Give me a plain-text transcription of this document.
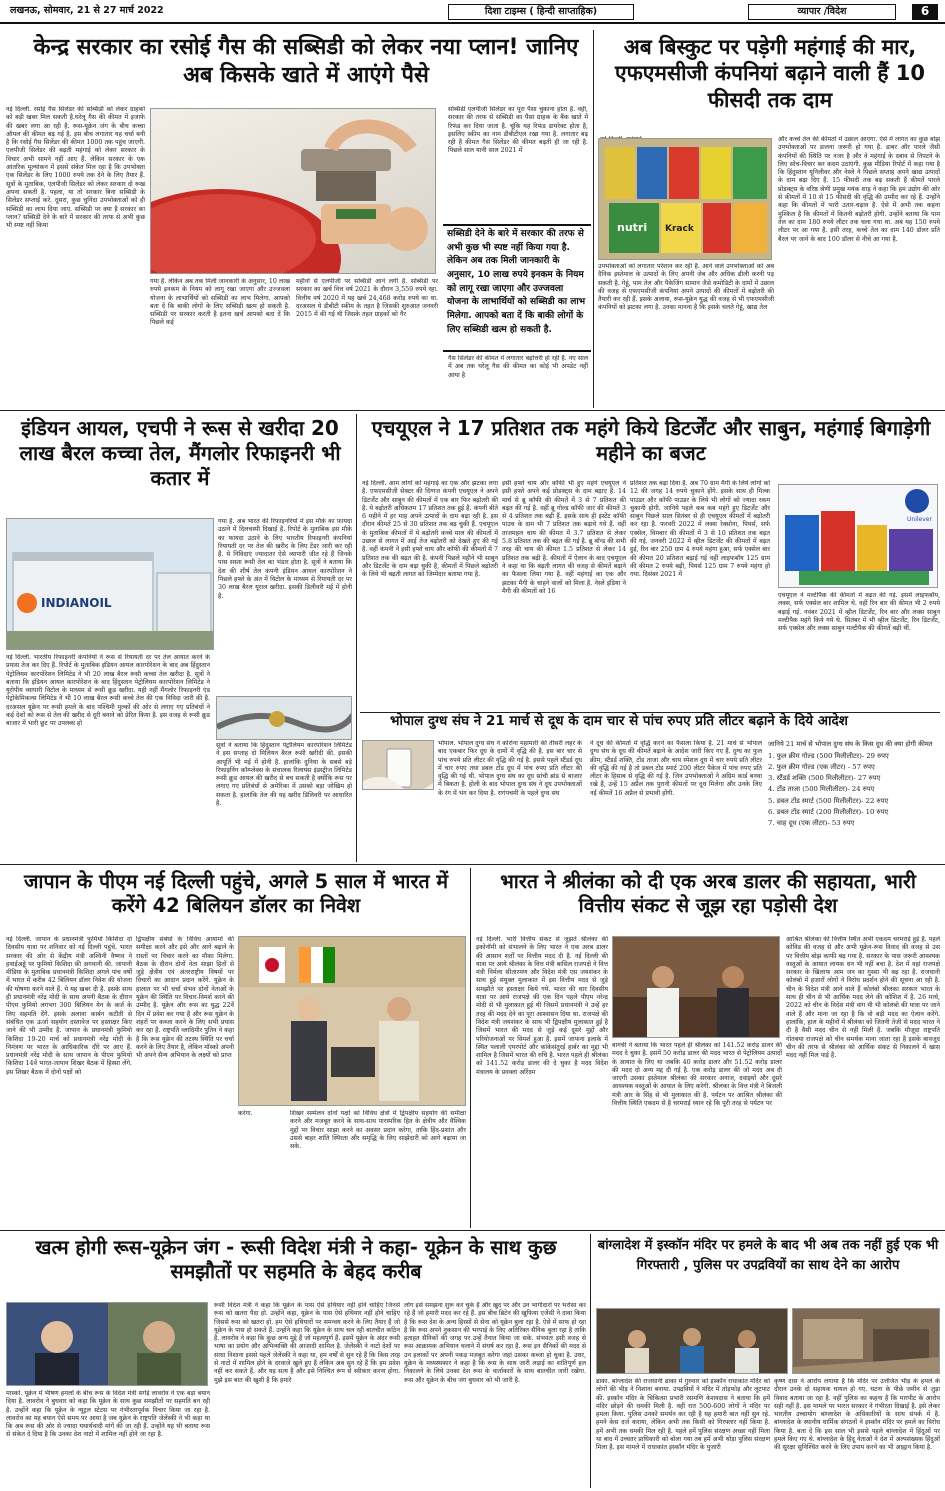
लखनऊ, सोमवार, 21 से 27 मार्च 2022	दिशा टाइम्स ( हिन्दी साप्ताहिक)	व्यापार /विदेश	6
केन्द्र सरकार का रसोई गैस की सब्सिडी को लेकर नया प्लान! जानिए अब किसके खाते में आएंगे पैसे
नई दिल्ली. रसोई गैस सिलेंडर की सब्सिडी को लेकर ग्राहकों को बड़ी खबर मिल सकती है.घरेलू गैस की कीमत में इजाफे की खबर लगा आ रही है. रूस-यूक्रेन जंग के बीच कच्चा ऑयल की कीमत बढ़ गई है. इस बीच लगातार यह चर्चा बनी है कि रसोई गैस सिलेंडर की कीमत 1000 तक पहुंच जाएगी. एलपीजी सिलेंडर की बढ़ती महंगाई को लेकर सरकार के विचार अभी सामने नहीं आए हैं. लेकिन सरकार के एक आंतरिक मूल्यांकन में इससे संकेत मिल रहा है कि उपभोक्ता एक सिलेंडर के लिए 1000 रुपये तक देने के लिए तैयार हैं. सूत्रों के मुताबिक, एलपीजी सिलेंडर को लेकर सरकार दो रूख अपना सकती है. पहला, या तो सरकार बिना सब्सिडी के सिलेंडर सप्लाई करे. दूसरा, कुछ चुनिंदा उपभोक्ताओं को ही सब्सिडी का लाभ दिया जाए. सब्सिडी पर क्या है सरकार का प्लान? सब्सिडी देने के बारे में सरकार की तरफ से अभी कुछ भी स्पष्ट नहीं किया
गया है. लेकिन अब तक मिली जानकारी के अनुसार, 10 लाख रुपये इनकम के नियम को लागू रखा जाएगा और उज्जवला योजना के लाभार्थियों को सब्सिडी का लाभ मिलेगा. आपको बता दें कि बाकी लोगों के लिए सब्सिडी खत्म हो सकती है. सब्सिडी पर सरकार करती है इतना खर्च आपको बता दें कि पिछले कई
महीनों से एलपीजी पर सब्सिडी आने लगी है. सब्सिडी पर सरकार का खर्च वित्त वर्ष 2021 के दौरान 3,559 रुपये रहा. वित्तीय वर्ष 2020 में यह खर्च 24,468 करोड़ रुपये का था. दरअसल ये डीबीटी स्कीम के तहत है जिसकी शुरुआत जनवरी 2015 में की गई थी जिसके तहत ग्राहकों को गैर
सब्सिडी एलपीजी सिलेंडर का पूरा पैसा चुकाना होता है. वहीं, सरकार की तरफ से सब्सिडी का पैसा ग्राहक के बैंक खाते में रिफंड कर दिया जाता है. चूंकि यह रिफंड डायरेक्ट होता है, इसलिए स्कीम का नाम डीबीटीएल रखा गया है. लगातार बढ़ रही है कीमत गैस सिलेंडर की कीमत बढ़ती ही जा रही है. पिछले साल यानी साल 2021 में
सब्सिडी देने के बारे में सरकार की तरफ से अभी कुछ भी स्पष्ट नहीं किया गया है. लेकिन अब तक मिली जानकारी के अनुसार, 10 लाख रुपये इनकम के नियम को लागू रखा जाएगा और उज्जवला योजना के लाभार्थियों को सब्सिडी का लाभ मिलेगा. आपको बता दें कि बाकी लोगों के लिए सब्सिडी खत्म हो सकती है.
गैस सिलेंडर की कीमत में लगातार बढ़ोत्तरी हो रही है. नए साल में अब तक घरेलू गैस की कीमत का कोई भी अपडेट नहीं आया है
अब बिस्कुट पर पड़ेगी महंगाई की मार, एफएमसीजी कंपनियां बढ़ाने वाली हैं 10 फीसदी तक दाम
nutri Krack
उपभोक्ताओं को लगातार परेशान कर रही है. आने वाले उपभोक्ताओं को अब दैनिक इस्तेमाल के उत्पादों के लिए अपनी जेब और अधिक ढीली करनी पड़ सकती है. गेहूं, पाम तेल और पैकेजिंग सामान जैसे कमोडिटी के दामों में उछाल की वजह से एफएमसीजी कंपनियां अपने उत्पादों की कीमतों में बढ़ोतरी की तैयारी कर रही हैं. इसके अलावा, रूस-यूक्रेन युद्ध की वजह से भी एफएमसीजी कंपनियों को झटका लगा है. उनका मानना है कि इसके चलते गेहूं, खाद्य तेल
और कच्चे तेल की कीमतों में उछाल आएगा. ऐसे में लागत का कुछ बोझ उपभोक्ताओं पर डालना जरूरी हो गया है. डाबर और पारले जैसी कंपनियों की स्थिति पर नजर है और वे महंगाई के दबाव से निपटने के लिए सोच-विचार कर कदम उठाएंगी. कुछ मीडिया रिपोर्ट में कहा गया है कि हिंदुस्तान यूनिलीवर और नेस्ले ने पिछले सप्ताह अपने खाद्य उत्पादों के दाम बढ़ा दिए हैं. 15 फीसदी तक बढ़ सकती हैं कीमतें पारले प्रोडक्ट्स के वरिष्ठ श्रेणी प्रमुख मयंक शाह ने कहा कि हम उद्योग की ओर से कीमतों में 10 से 15 फीसदी की वृद्धि की उम्मीद कर रहे हैं. उन्होंने कहा कि कीमतों में भारी उतार-चढ़ाव है. ऐसे में अभी तक कहना मुश्किल है कि कीमतों में कितनी बढ़ोतरी होगी. उन्होंने बताया कि पाम तेल का दाम 180 रुपये लीटर तक चला गया था. अब यह 150 रुपये लीटर पर आ गया है. इसी तरह, कच्चे तेल का दाम 140 डॉलर प्रति बैरल पर जाने के बाद 100 डॉलर से नीचे आ गया है.
इंडियन आयल, एचपी ने रूस से खरीदा 20 लाख बैरल कच्चा तेल, मैंगलोर रिफाइनरी भी कतार में
INDIANOIL
गया है. अब भारत की रिफाइनरियों में इस मौके का फायदा उठाने में दिलचस्पी दिखाई है. रिपोर्ट के मुताबिक इस मौके का फायदा उठाने के लिए भारतीय रिफाइनरी कंपनियां रियायती दर पर तेल की खरीद के लिए टेंडर जारी कर रही हैं. ये निविदाएं ज्यादातर ऐसे व्यापारी जीत रहे हैं जिनके पास सस्ता रूसी तेल का भंडार होता है. सूत्रों ने बताया कि देश की शीर्ष तेल कंपनी इंडियन आयल कारपोरेशन ने पिछले हफ्ते के अंत में विटोल के माध्यम से रियायती दर पर 30 लाख बैरल यूराल खरीदा. इसकी डिलीवरी मई में होनी है.
नई दिल्ली. भारतीय रिफाइनरी कंपनियों ने रूस से रियायती दर पर तेल आयात करने के प्रयास तेज कर दिए हैं. रिपोर्ट के मुताबिक इंडियन आयल कारपोरेशन के बाद अब हिंदुस्तान पेट्रोलियम कारपोरेशन लिमिटेड ने भी 20 लाख बैरल रूसी कच्चा तेल खरीदा है. सूत्रों ने बताया कि इंडियन आयल कारपोरेशन के बाद हिंदुस्तान पेट्रोलियम कारपोरेशन लिमिटेड ने यूरोपीय व्यापारी विटोल के माध्यम से रूसी क्रूड खरीदा. यही नहीं मैंगलोर रिफाइनरी एंड पेट्रोकेमिकल्स लिमिटेड ने भी 10 लाख बैरल रूसी कच्चे तेल की एक निविदा जारी की है. दरअसल यूक्रेन पर रूसी हमले के बाद पश्चिमी मुल्कों की ओर से लगाए गए प्रतिबंधों ने कई देशों को रूस से तेल की खरीद से दूरी बनाने को प्रेरित किया है. इस वजह से रूसी क्रूड बाजार में भारी छूट पर उपलब्ध हो
सूत्रों ने बताया कि हिंदुस्तान पेट्रोलियम कारपोरेशन लिमिटेड ने इस सप्ताह दो मिलियन बैरल रूसी खरीदी की. इसकी आपूर्ति भी मई में होनी है. हालांकि दुनिया के सबसे बड़े रिफाइनिंग कॉम्प्लेक्स के संचालक रिलायंस इंडस्ट्रीज लिमिटेड रूसी क्रूड आयल की खरीद से बच सकती है क्योंकि रूस पर लगाए गए प्रतिबंधों से अमेरिका में उसको बड़ा जोखिम हो सकता है. हालांकि तेल की यह खरीद डिलिवरी पर आधारित है.
एचयूएल ने 17 प्रतिशत तक महंगे किये डिटर्जेंट और साबुन, महंगाई बिगाड़ेगी महीने का बजट
नई दिल्ली. आम लोगों को महंगाई का एक और झटका लगा है. एफएमसीजी सेक्टर की दिग्गज कंपनी एचयूएल ने अपने डिटर्जेंट और साबुन की कीमतों में एक बार फिर बढ़ोतरी की है. ये बढ़ोतरी अधिकतम 17 प्रतिशत तक हुई है. कंपनी बीते 6 महीने में हर माह अपने उत्पादों के दाम बढ़ा रही है. इस दौरान कीमतें 25 से 30 प्रतिशत तक बढ़ चुकी हैं. एचयूएल के मुताबिक कीमतों में ये बढ़ोतरी कच्चे माल की कीमतों में उछाल से लागत में आई तेज बढ़ोतरी को देखते हुए की गई है. वहीं कंपनी ने इसी हफ्ते चाय और कॉफी की कीमतों में 7 प्रतिशत तक की बढ़त की है. कंपनी पिछले महीने भी साबुन और डिटर्जेंट के दाम बढ़ा चुकी है, कीमतों में पिछले बढ़ोतरी के लिये भी बढ़ती लागत को जिम्मेदार बताया गया है.
इसी हफ्ते चाय और कॉफी भी हुए महंगे एचयूएल ने इसी हफ्ते अपने कई प्रोडक्ट्स के दाम बढ़ाए हैं. 14 मार्च से ब्रू कॉफी की कीमतें में 3 से 7 प्रतिशत की बढ़त की गई है. वहीं ब्रू गोल्ड कॉफी जार की कीमतें 3 से 4 प्रतिशत तक बढ़ी हैं. इसके साथ ही इंस्टेंट कॉफी पाउच के दाम भी 7 प्रतिशत तक बढ़ाये गये हैं. वहीं ताजमहल चाय की कीमत में 3.7 प्रतिशत से लेकर 5.8 प्रतिशत तक की बढ़त की गई है. ब्रू बॉन्ड की सभी तरह की चाय की कीमत 1.5 प्रतिशत से लेकर 14 प्रतिशत तक बढ़ी है. कीमतों में ऐलान के बाद एचयूएल ने कहा था कि बढ़ती लागत की वजह से कीमतें बढ़ाने का फैसला लिया गया है. वहीं महंगाई का एक और झटका मैगी के चाहने वालों को मिला है. नेस्ले इंडिया ने मैगी की कीमतों को 16
प्रतिशत तक बढ़ा दिया है. अब 70 ग्राम मैगी के लिये लोगों को 12 की जगह 14 रुपये चुकाने होंगे. इसके साथ ही मिल्क पाउडर और कॉफी पाउडर के लिये भी लोगों को ज्यादा रकम चुकानी होगी. जानिये पहले कब कब महंगे हुए डिटर्जेंट और साबुन पिछले साल सितंबर से ही एचयूएल कीमतों में बढ़ोतरी कर रहा है. फरवरी 2022 में लक्स रेक्सोना, पियर्स, सर्फ एक्सेल, विमबार की कीमतों में 3 से 10 प्रतिशत तक बढ़त की गई. जनवरी 2022 में व्हील डिटर्जेंट की कीमतों में बढ़त हुई, रिन बार 250 ग्राम 4 रुपये महंगा हुआ, सर्फ एक्सेल बार की कीमत 20 प्रतिशत बढ़ाई गई वहीं लाइफबॉय 125 ग्राम की कीमत 2 रुपये बढ़ी, पियर्स 125 ग्राम 7 रुपये महंगा हो गया. दिसंबर 2021 में
Unilever
एचयूएल ने मल्टीपैक की कीमतों में बढ़त की गई. इसमें लाइफबॉय, लक्स, सर्फ एक्सेल बार शामिल थे. वहीं रिन बार की कीमत भी 2 रुपये बढ़ाई गई. नवंबर 2021 में व्हील डिटर्जेंट, रिन बार और लक्स साबुन मल्टीपैक महंगे किये गये थे. सितंबर में भी व्हील डिटर्जेंट, रिन डिटर्जेंट, सर्फ एक्सेल और लक्स साबुन मल्टीपैक की कीमतें बढ़ी थीं.
भोपाल दुग्ध संघ ने 21 मार्च से दूध के दाम चार से पांच रुपए प्रति लीटर बढ़ाने के दिये आदेश
भोपाल. भोपाल दुग्ध संघ ने कोरोना महामारी की तीसरी लहर के बाद एकबार फिर दूध के दामों में वृद्धि की है. इस बार चार से पांच रुपये प्रति लीटर की वृद्धि की गई है. इससे पहले स्टैंडर्ड दूध में चार रुपए तथा डबल टोंड दूध में पांच रुपए प्रति लीटर की वृद्धि की गई थी. भोपाल दुग्ध संघ का दूध सांची ब्रांड से बाजार में बिकता है. होली के बाद भोपाल दुग्ध संघ ने दूध उपभोक्ताओं के रंग में भंग कर दिया है. रागंपचमी के पहले दुग्ध संघ
ने दूध की कीमतों में वृद्धि करने का फैसला किया है. 21 मार्च से भोपाल दुग्ध संघ के दूध की कीमतें बढ़ाने के आदेश जारी किए गए हैं. दुग्ध का फुल क्रीम, स्टैंडर्ड शक्ति, टोंड ताजा और चाय स्पेशल दूध में चार रुपये प्रति लीटर की वृद्धि की गई है तो डबल टोंड स्मार्ट 200 लीटर पैकेज में पांच रुपए प्रति लीटर के हिसाब से वृद्धि की गई है. जिन उपभोक्ताओं ने अग्रिम कार्ड बनवा रखे हैं, उन्हें 15 अप्रैल तक पुरानी कीमतों पर दूध मिलेगा और उनके लिए नई कीमतें 16 अप्रैल से प्रभावी होंगी.
जानिये 21 मार्च से भोपाल दुग्ध संघ के किस दूध की क्या होगी कीमत
1. फुल क्रीम गोल्ड (500 मिलीलीटर)- 29 रुपए
2. फुल क्रीम गोल्ड (एक लीटर) - 57 रुपए
3. स्टैंडर्ड शक्ति (500 मिलीलीटर)- 27 रुपए
4. टोंड ताजा (500 मिलीलीटर)- 24 रुपए
5. डबल टोंड स्मार्ट (500 मिलीलीटर)- 22 रुपए
6. डबल टोंड स्मार्ट (200 मिलीलीटर)- 10 रुपए
7. चाह दूध (एक लीटर)- 53 रुपए
जापान के पीएम नई दिल्ली पहुंचे, अगले 5 साल में भारत में करेंगे 42 बिलियन डॉलर का निवेश
नई दिल्ली. जापान के प्रधानमंत्री फुमियो किशिदा दो दिवसीय यात्रा पर शनिवार को नई दिल्ली पहुंचे. भारत सरकार की ओर से केंद्रीय मंत्री अश्विनी वैष्णव ने हवाईअड्डे पर फुमियो किशिदा की अगवानी की. जापानी मीडिया के मुताबिक प्रधानमंत्री किशिदा अगले पांच वर्षों में भारत में करीब 42 बिलियन डॉलर निवेश की योजना की घोषणा करने वाले हैं. ये यह खबर दी है. इसके साथ ही प्रधानमंत्री नरेंद्र मोदी के साथ अपनी बैठक के दौरान पीएम फुमियो लगभग 300 बिलियन येन के कर्ज के लिए सहमति देंगे. इसके अलावा कार्बन कटौती से संबंधित एक ऊर्जा सहयोग दस्तावेज पर हस्ताक्षर किए जाने की भी उम्मीद है. जापान के प्रधानमंत्री फुमियो किशिदा 19-20 मार्च को प्रधानमंत्री नरेंद्र मोदी के निमंत्रण पर भारत के आधिकारिक दौरे पर आए हैं. प्रधानमंत्री नरेंद्र मोदी के साथ जापान के पीएम फुमियो किशिदा 14वें भारत-जापान शिखर बैठक में हिस्सा लेंगे. इस शिखर बैठक में दोनों पक्षों को
द्विपक्षीय संबंधों के विविध आयामों की समीक्षा करने और इसे और आगे बढ़ाने के रास्तों पर विचार करने का मौका मिलेगा. बैठक के दौरान दोनों नेता साझा हितों से जुड़े क्षेत्रीय एवं अंतरराष्ट्रीय विषयों पर विचारों का आदान प्रदान करेंगे. यूक्रेन के हालात पर भी चर्चा संभव दोनों नेताओं के यूक्रेन की स्थिति पर विचार-विमर्श करने की उम्मीद है. यूक्रेन और रूस का युद्ध 22वें दिन में प्रवेश कर गया है और रूस यूक्रेन के शहरों पर कब्जा करने के लिए सभी प्रयास कर रहा है. राष्ट्रपति व्लादिमीर पुतिन ने कहा है कि रूस यूक्रेन की तटस्थ स्थिति पर चर्चा करने के लिए तैयार है, लेकिन मॉस्को अपनी भी अपने सैन्य अभियान के लक्ष्यों को प्राप्त
करेगा.	शिखर सम्मेलन दोनों पक्षों को विविध क्षेत्रों में द्विपक्षीय सहयोग की समीक्षा करने और मजबूत करने के साथ-साथ पारस्परिक हित के क्षेत्रीय और वैश्विक मुद्दों पर विचार साझा करने का अवसर प्रदान करेगा, ताकि हिंद-प्रशांत और उससे बाहर शांति स्थिरता और समृद्धि के लिए साझेदारी को आगे बढ़ाया जा सके.
भारत ने श्रीलंका को दी एक अरब डालर की सहायता, भारी वित्तीय संकट से जूझ रहा पड़ोसी देश
नई दिल्ली. भारी वित्तीय संकट से जूझते श्रीलंका की इकोनॉमी को संभालने के लिए भारत ने एक अरब डालर की आसान शर्तों पर वित्तीय मदद दी है. नई दिल्ली की यात्रा पर आये श्रीलंका के वित्त मंत्री बासिल राजपक्षे ने वित्त मंत्री निर्मला सीतारमण और विदेश मंत्री एस जयशंकर के साथ हुई संयुक्त मुलाकात में इस वित्तीय मदद से जुड़े समझौते पर हस्ताक्षर किये गये. भारत की चार दिवसीय यात्रा पर आये राजपक्षे की एक दिन पहले पीएम नरेन्द्र मोदी से भी मुलाकात हुई थी जिसमें प्रधानमंत्री ने उन्हें हर तरह की मदद देने का पूरा आश्वासन दिया था. राजपक्षे की विदेश मंत्री जयशंकर के साथ भी द्विपक्षीय मुलाकात हुई है जिसमें भारत की मदद से जुड़े कई दूसरे मुद्दों और परियोजनाओं पर विमर्श हुआ है. इसमें जाफना इलाके में स्थित पलाली एयरपोर्ट और कांकेसंतुरई हार्बर का मुद्दा भी शामिल है जिसमें भारत की रुचि है. भारत पहले ही श्रीलंका को 141.52 करोड़ डालर की दे चुका है मदद विदेश मंत्रालय के प्रवक्ता अरिंदम
बागची ने बताया कि भारत पहले ही श्रीलंका को 141.52 करोड़ डालर की मदद दे चुका है. इसमें 50 करोड़ डालर की मदद भारत से पेट्रोलियम उत्पादों के आयात के लिए था जबकि 40 करोड़ डालर और 51.52 करोड़ डालर की मदद दो अन्य मद्द दी गई है. एक करोड़ डालर की जो मदद अब दी जाएगी उसका इस्तेमाल श्रीलंका की सरकार अनाज, दवाइयों और दूसरे आवश्यक वस्तुओं के आयात के लिए करेगी. श्रीलंका के वित्त मंत्री ने बिजली मंत्री आर के सिंह से भी मुलाकात की है. पर्यटन पर आश्रित श्रीलंका की वित्तीय स्थिति एकदम से है चरमराई ध्यान रहे कि पूरी तरह से पर्यटन पर
आश्रित श्रीलंका की वित्तीय स्थित अभी एकदम चरमराई हुई है. पहले कोविड की वजह से और अभी यूक्रेन-रूस विवाद की वजह से उस पर वित्तीय बोझ काफी बढ़ गया है. सरकार के पास जरूरी आवश्यक वस्तुओं के आयात लायक धन भी नहीं बचा है. देश में वहां राजपक्षे सरकार के खिलाफ आम जन का गुस्सा भी बढ़ रहा है. राजधानी कोलंबो में हजारों लोगों ने विरोध प्रदर्शन होने की सूचना आ रही है. चीन के विदेश मंत्री आने वाले हैं कोलंबो श्रीलंका सरकार भारत के साथ ही चीन से भी आर्थिक मदद लेने की कोशिश में है. 26 मार्च, 2022 को चीन के विदेश मंत्री वांग यी भी कोलंबो की यात्रा पर जाने वाले हैं और माना जा रहा है कि वो बड़ी मदद का ऐलान करेंगे. हालांकि, हाल के महीनों में श्रीलंका को जितनी तेजी से मदद भारत ने दी है वैसी मदद चीन से नहीं मिली है. जबकि मौजूदा राष्ट्रपति गोतबया राजपक्षे को चीन समर्थक माना जाता रहा है इसके बावजूद चीन की तरफ से श्रीलंका को आर्थिक संकट से निकालने में खास मदद नहीं मिल पाई है.
खत्म होगी रूस-यूक्रेन जंग - रूसी विदेश मंत्री ने कहा- यूक्रेन के साथ कुछ समझौतों पर सहमति के बेहद करीब
मास्को. यूक्रेन में भीषण हमलों के बीच रूस के विदेश मंत्री सर्गेई लावरोव ने एक बड़ा बयान दिया है. लावरोव ने बुधवार को कहा कि यूक्रेन के साथ कुछ समझौतों पर सहमति बन रही है. उन्होंने कहा कि यूक्रेन के न्यूट्रल स्टेटस पर गंभीरतापूर्वक विचार किया जा रहा है. लावरोव का यह बयान ऐसे समय पर आया है जब यूक्रेन के राष्ट्रपति जेलेंस्की ने भी कहा था कि अब रूस की ओर से ज्यादा यथार्थवादी मांगें की जा रही हैं. उन्होंने यह भी बताया रूस से संकेत दे दिया है कि उनका देश नाटो में शामिल नहीं होने जा रहा है.
रूसी विदेश मंत्री ने कहा कि यूक्रेन के पास ऐसे हथियार नहीं होने चाहिए जिनसे रूस को खतरा पैदा हो. उन्होंने कहा, यूक्रेन के पास ऐसे हथियार नहीं होने चाहिए जिससे रूस को खतरा हो. हम ऐसे हथियारों पर समन्वय करने के लिए तैयार हैं जो यूक्रेन के पास हो सकते हैं. उन्होंने कहा कि यूक्रेन के साथ चल रही बातचीत कठिन है. लावरोव ने कहा कि कुछ अन्य मुद्दे हैं जो महत्वपूर्ण हैं. इसमें यूक्रेन के अंदर रूसी भाषा का प्रयोग और अभिव्यक्ति की आजादी शामिल है. जेलेंस्की ने नाटो देशों पर साधा निशाना इससे पहले जेलेंस्की ने कहा था, हम वर्षों से सुन रहे हैं कि किस तरह से नाटो में शामिल होने के दरवाजे खुले हुए हैं लेकिन अब सुन रहे हैं कि हम प्रवेश नहीं कर सकते हैं. और यह सत्य है और इसे निश्चित रूप से स्वीकार करना होगा. मुझे इस बात की खुशी है कि हमारे
लोग इसे समझना शुरू कर चुके हैं और खुद पर और उन भागीदारों पर भरोसा कर रहे हैं जो हमारी मदद कर रहे हैं. इस बीच ब्रिटेन की खुफिया एजेंसी ने दावा किया है कि रूस देश के अन्य हिस्सों से सेना को यूक्रेन बुला रहा है. ऐसे में साफ हो रहा है कि रूस अपने नुकसान की भरपाई के लिए अतिरिक्त सैनिक बुला रहा है ताकि हताहत सैनिकों की जगह पर उन्हें तैनात किया जा सके. संभवतः इसी वजह से रूस आक्रामक अभियान चलाने में संघर्ष कर रहा है. रूस इन सैनिकों की मदद से उन इलाकों पर अपनी पकड़ मजबूत करेगा जहां उसका कब्जा हो चुका है. उधर, यूक्रेन के मध्यस्थकार ने कहा है कि रूस के साथ जारी लड़ाई का शांतिपूर्ण हल निकालने के लिये उनका देश रूस के वार्ताकारों के साथ बातचीत जारी रखेगा. रूस और यूक्रेन के बीच जंग बुधवार को भी जारी है.
बांग्लादेश में इस्कॉन मंदिर पर हमले के बाद भी अब तक नहीं हुई एक भी गिरफ्तारी , पुलिस पर उपद्रवियों का साथ देने का आरोप
ढाका. बांग्लादेश की राजधानी ढाका में गुरुवार को इस्कॉन राधाकांत मंदिर को लोगों की भीड़ ने निशाना बनाया. उपद्रवियों ने मंदिर में तोड़फोड़ और लूटपाट की. इस्कॉन मंदिर के चिकित्सा प्रभारी रसमणि केशवदास ने बताया कि हमें मंदिर छोड़ने की धमकी मिली है. वहीं रात 500-600 लोगों ने मंदिर पर हमला किया. पुलिस उनको समर्थन कर रही है यह हमारी बात नहीं सुन रहे. हमने केस दर्ज कराया, लेकिन अभी तक किसी को गिरफ्तार नहीं किया है. हमें अभी तक धमकी मिल रही है. पहले हमें पुलिस संरक्षण अच्छा नहीं मिला था बाद में उच्चतर प्राधिकारी को बोला गया तब हमें अभी थोड़ा पुलिस संरक्षण मिला है. इस मामले में राधाकांत इस्कॉन मंदिर के पुजारी
कृष्ण दास ने आरोप लगाया है कि मंदिर पर उत्तेजित भीड़ के हमले के दौरान उनके दो सहायक घायल हो गए. घटना के पीछे जमीन से जुड़ा विवाद बताया जा रहा है. वहीं पुलिस का कहना है कि मारपीट के आरोप सही नहीं है. इस मामले पर भारत सरकार ने गंभीरता दिखाई है. इसे लेकर भारतीय उच्चायोग बांग्लादेश के अधिकारियों के साथ संपर्क में है. बांग्लादेश के स्थानीय धार्मिक संगठनों ने इस्कॉन मंदिर पर हमले का विरोध किया है. बता दें कि इस साल भी इससे पहले बांग्लादेश में हिंदुओं पर हमले किए गए थे. बांग्लादेश के हिंदू नेताओं ने देश में अल्पसंख्यक हिंदुओं की सुरक्षा सुनिश्चित करने के लिए उपाय करने का भी आह्वान किया है.
